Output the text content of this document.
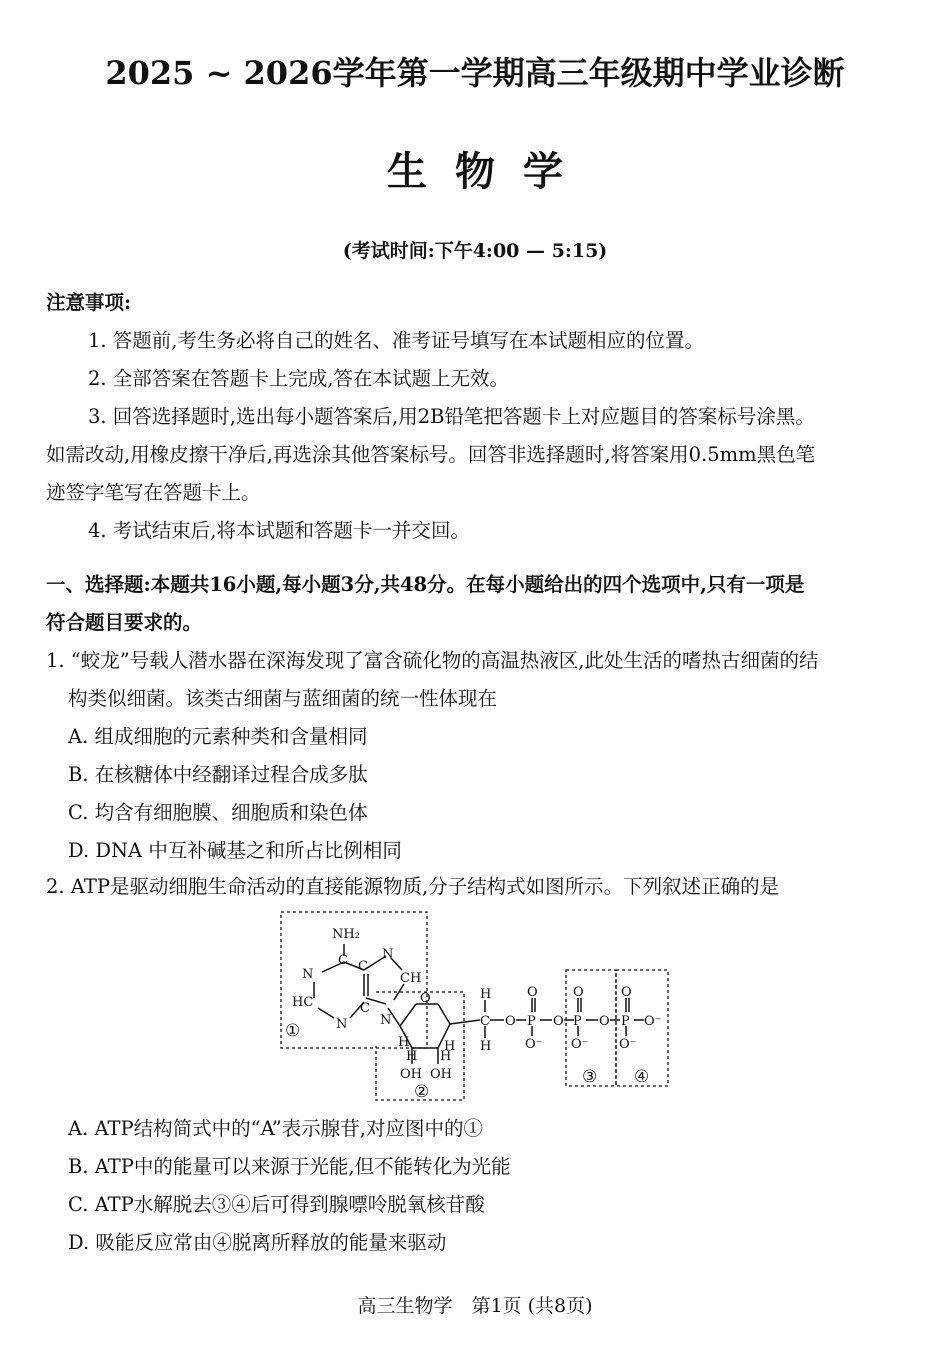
2025 ~ 2026学年第一学期高三年级期中学业诊断
生物学
(考试时间:下午4:00 — 5:15)
注意事项:
1. 答题前,考生务必将自己的姓名、准考证号填写在本试题相应的位置。
2. 全部答案在答题卡上完成,答在本试题上无效。
3. 回答选择题时,选出每小题答案后,用2B铅笔把答题卡上对应题目的答案标号涂黑。
如需改动,用橡皮擦干净后,再选涂其他答案标号。回答非选择题时,将答案用0.5mm黑色笔
迹签字笔写在答题卡上。
4. 考试结束后,将本试题和答题卡一并交回。
一、选择题:本题共16小题,每小题3分,共48分。在每小题给出的四个选项中,只有一项是
符合题目要求的。
1. “蛟龙”号载人潜水器在深海发现了富含硫化物的高温热液区,此处生活的嗜热古细菌的结
构类似细菌。该类古细菌与蓝细菌的统一性体现在
A. 组成细胞的元素种类和含量相同
B. 在核糖体中经翻译过程合成多肽
C. 均含有细胞膜、细胞质和染色体
D. DNA 中互补碱基之和所占比例相同
2. ATP是驱动细胞生命活动的直接能源物质,分子结构式如图所示。下列叙述正确的是
NH₂
N
C	N
CH
C
HC	C
N	N
O
H	H
H H
OH OH
H
C
H
O
O
P
O⁻
O
O
P
O⁻
O
O
P O⁻
O⁻
①
②
③ ④
A. ATP结构简式中的“A”表示腺苷,对应图中的①
B. ATP中的能量可以来源于光能,但不能转化为光能
C. ATP水解脱去③④后可得到腺嘌呤脱氧核苷酸
D. 吸能反应常由④脱离所释放的能量来驱动
高三生物学　第1页 (共8页)
